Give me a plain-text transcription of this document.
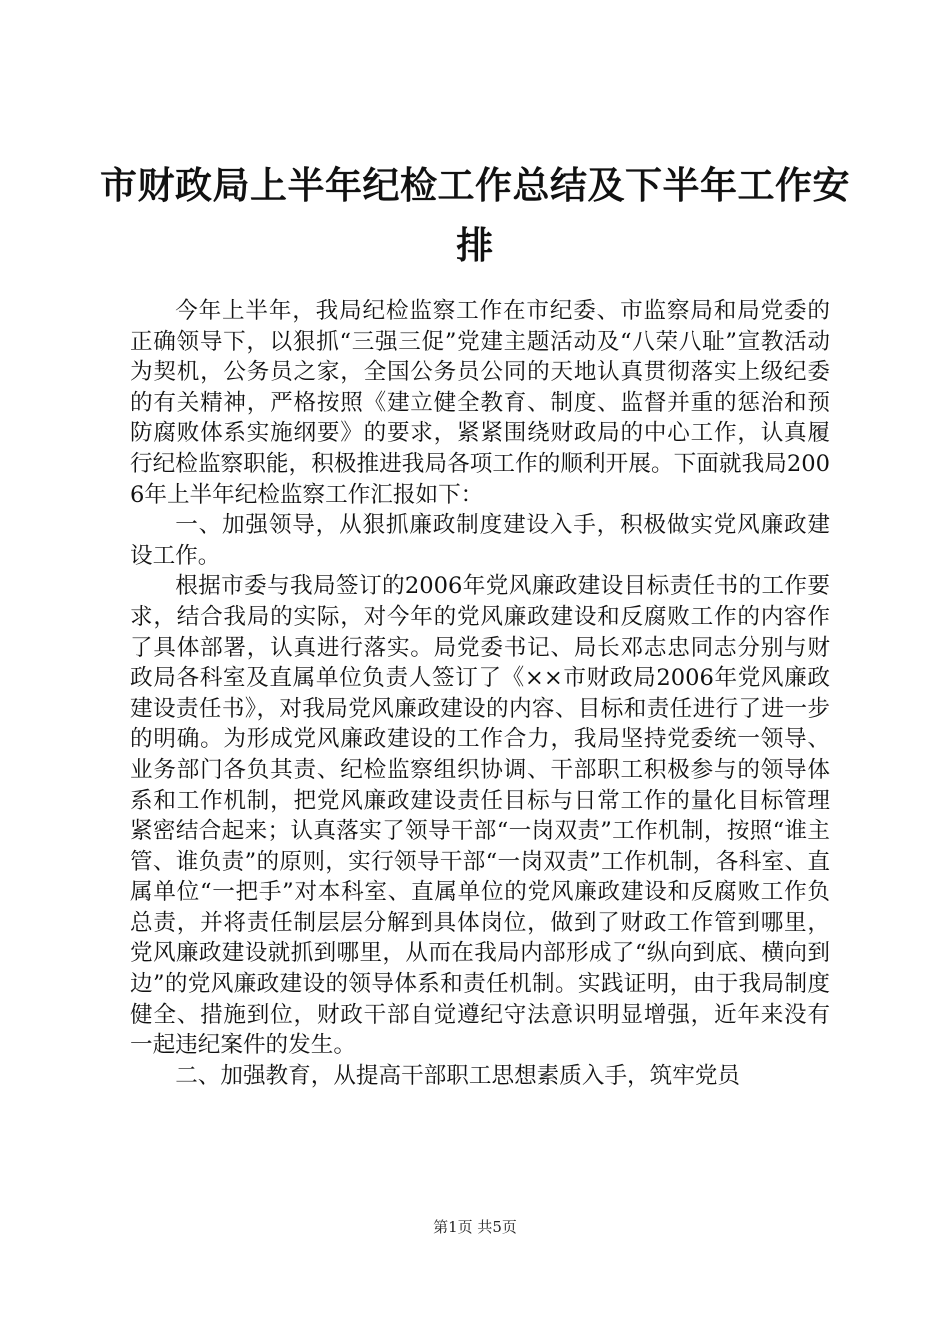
市财政局上半年纪检工作总结及下半年工作安
排

今年上半年，我局纪检监察工作在市纪委、市监察局和局党委的正确领导下，以狠抓“三强三促”党建主题活动及“八荣八耻”宣教活动为契机，公务员之家，全国公务员公同的天地认真贯彻落实上级纪委的有关精神，严格按照《建立健全教育、制度、监督并重的惩治和预防腐败体系实施纲要》的要求，紧紧围绕财政局的中心工作，认真履行纪检监察职能，积极推进我局各项工作的顺利开展。下面就我局2006年上半年纪检监察工作汇报如下：

一、加强领导，从狠抓廉政制度建设入手，积极做实党风廉政建设工作。

根据市委与我局签订的2006年党风廉政建设目标责任书的工作要求，结合我局的实际，对今年的党风廉政建设和反腐败工作的内容作了具体部署，认真进行落实。局党委书记、局长邓志忠同志分别与财政局各科室及直属单位负责人签订了《××市财政局2006年党风廉政建设责任书》，对我局党风廉政建设的内容、目标和责任进行了进一步的明确。为形成党风廉政建设的工作合力，我局坚持党委统一领导、业务部门各负其责、纪检监察组织协调、干部职工积极参与的领导体系和工作机制，把党风廉政建设责任目标与日常工作的量化目标管理紧密结合起来；认真落实了领导干部“一岗双责”工作机制，按照“谁主管、谁负责”的原则，实行领导干部“一岗双责”工作机制，各科室、直属单位“一把手”对本科室、直属单位的党风廉政建设和反腐败工作负总责，并将责任制层层分解到具体岗位，做到了财政工作管到哪里，党风廉政建设就抓到哪里，从而在我局内部形成了“纵向到底、横向到边”的党风廉政建设的领导体系和责任机制。实践证明，由于我局制度健全、措施到位，财政干部自觉遵纪守法意识明显增强，近年来没有一起违纪案件的发生。

二、加强教育，从提高干部职工思想素质入手，筑牢党员

第1页 共5页
